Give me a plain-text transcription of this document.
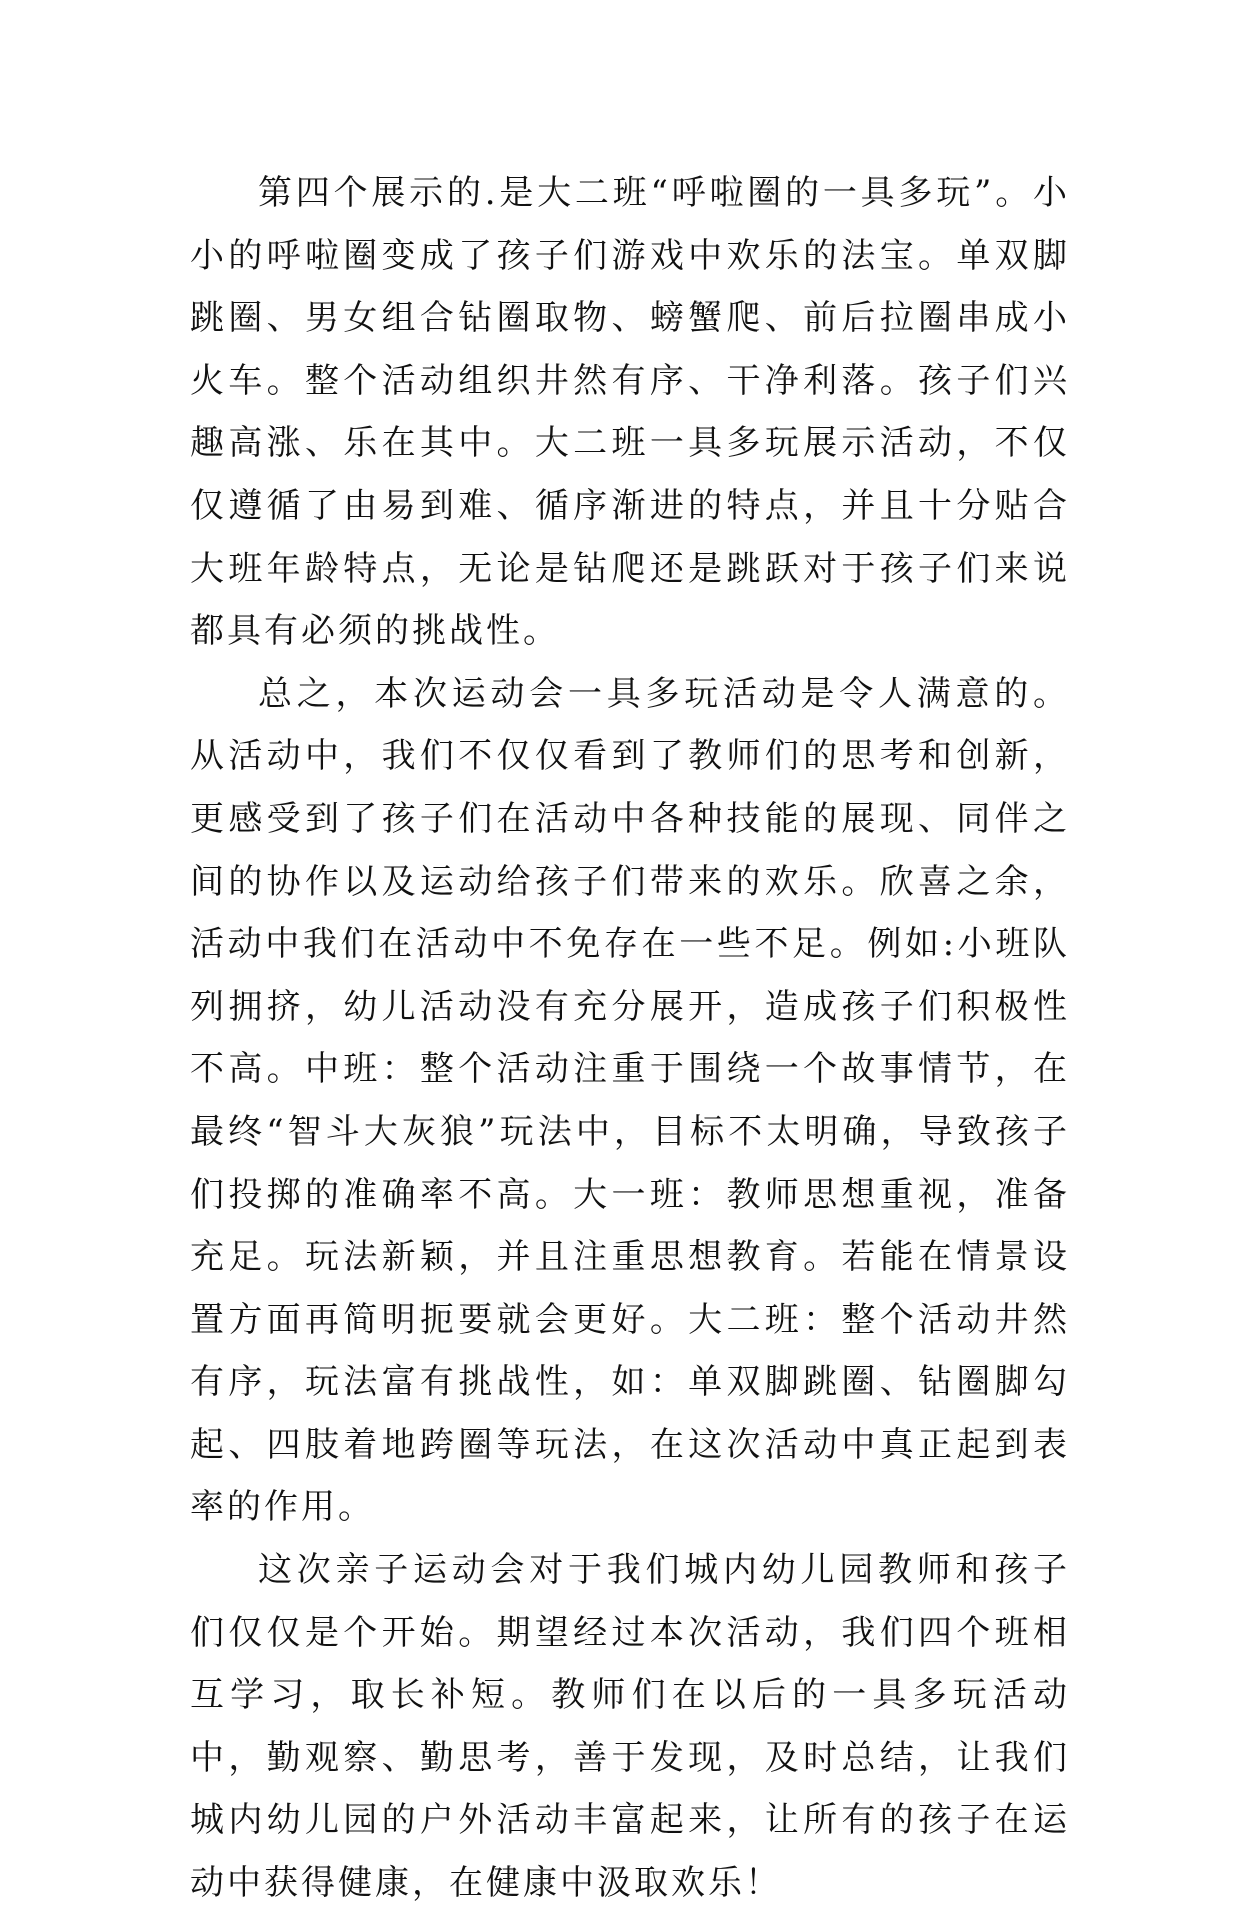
第四个展示的.是大二班“呼啦圈的一具多玩”。小小的呼啦圈变成了孩子们游戏中欢乐的法宝。单双脚跳圈、男女组合钻圈取物、螃蟹爬、前后拉圈串成小火车。整个活动组织井然有序、干净利落。孩子们兴趣高涨、乐在其中。大二班一具多玩展示活动，不仅仅遵循了由易到难、循序渐进的特点，并且十分贴合大班年龄特点，无论是钻爬还是跳跃对于孩子们来说都具有必须的挑战性。

总之，本次运动会一具多玩活动是令人满意的。从活动中，我们不仅仅看到了教师们的思考和创新，更感受到了孩子们在活动中各种技能的展现、同伴之间的协作以及运动给孩子们带来的欢乐。欣喜之余，活动中我们在活动中不免存在一些不足。例如:小班队列拥挤，幼儿活动没有充分展开，造成孩子们积极性不高。中班：整个活动注重于围绕一个故事情节，在最终“智斗大灰狼”玩法中，目标不太明确，导致孩子们投掷的准确率不高。大一班：教师思想重视，准备充足。玩法新颖，并且注重思想教育。若能在情景设置方面再简明扼要就会更好。大二班：整个活动井然有序，玩法富有挑战性，如：单双脚跳圈、钻圈脚勾起、四肢着地跨圈等玩法，在这次活动中真正起到表率的作用。

这次亲子运动会对于我们城内幼儿园教师和孩子们仅仅是个开始。期望经过本次活动，我们四个班相互学习，取长补短。教师们在以后的一具多玩活动中，勤观察、勤思考，善于发现，及时总结，让我们城内幼儿园的户外活动丰富起来，让所有的孩子在运动中获得健康，在健康中汲取欢乐！
